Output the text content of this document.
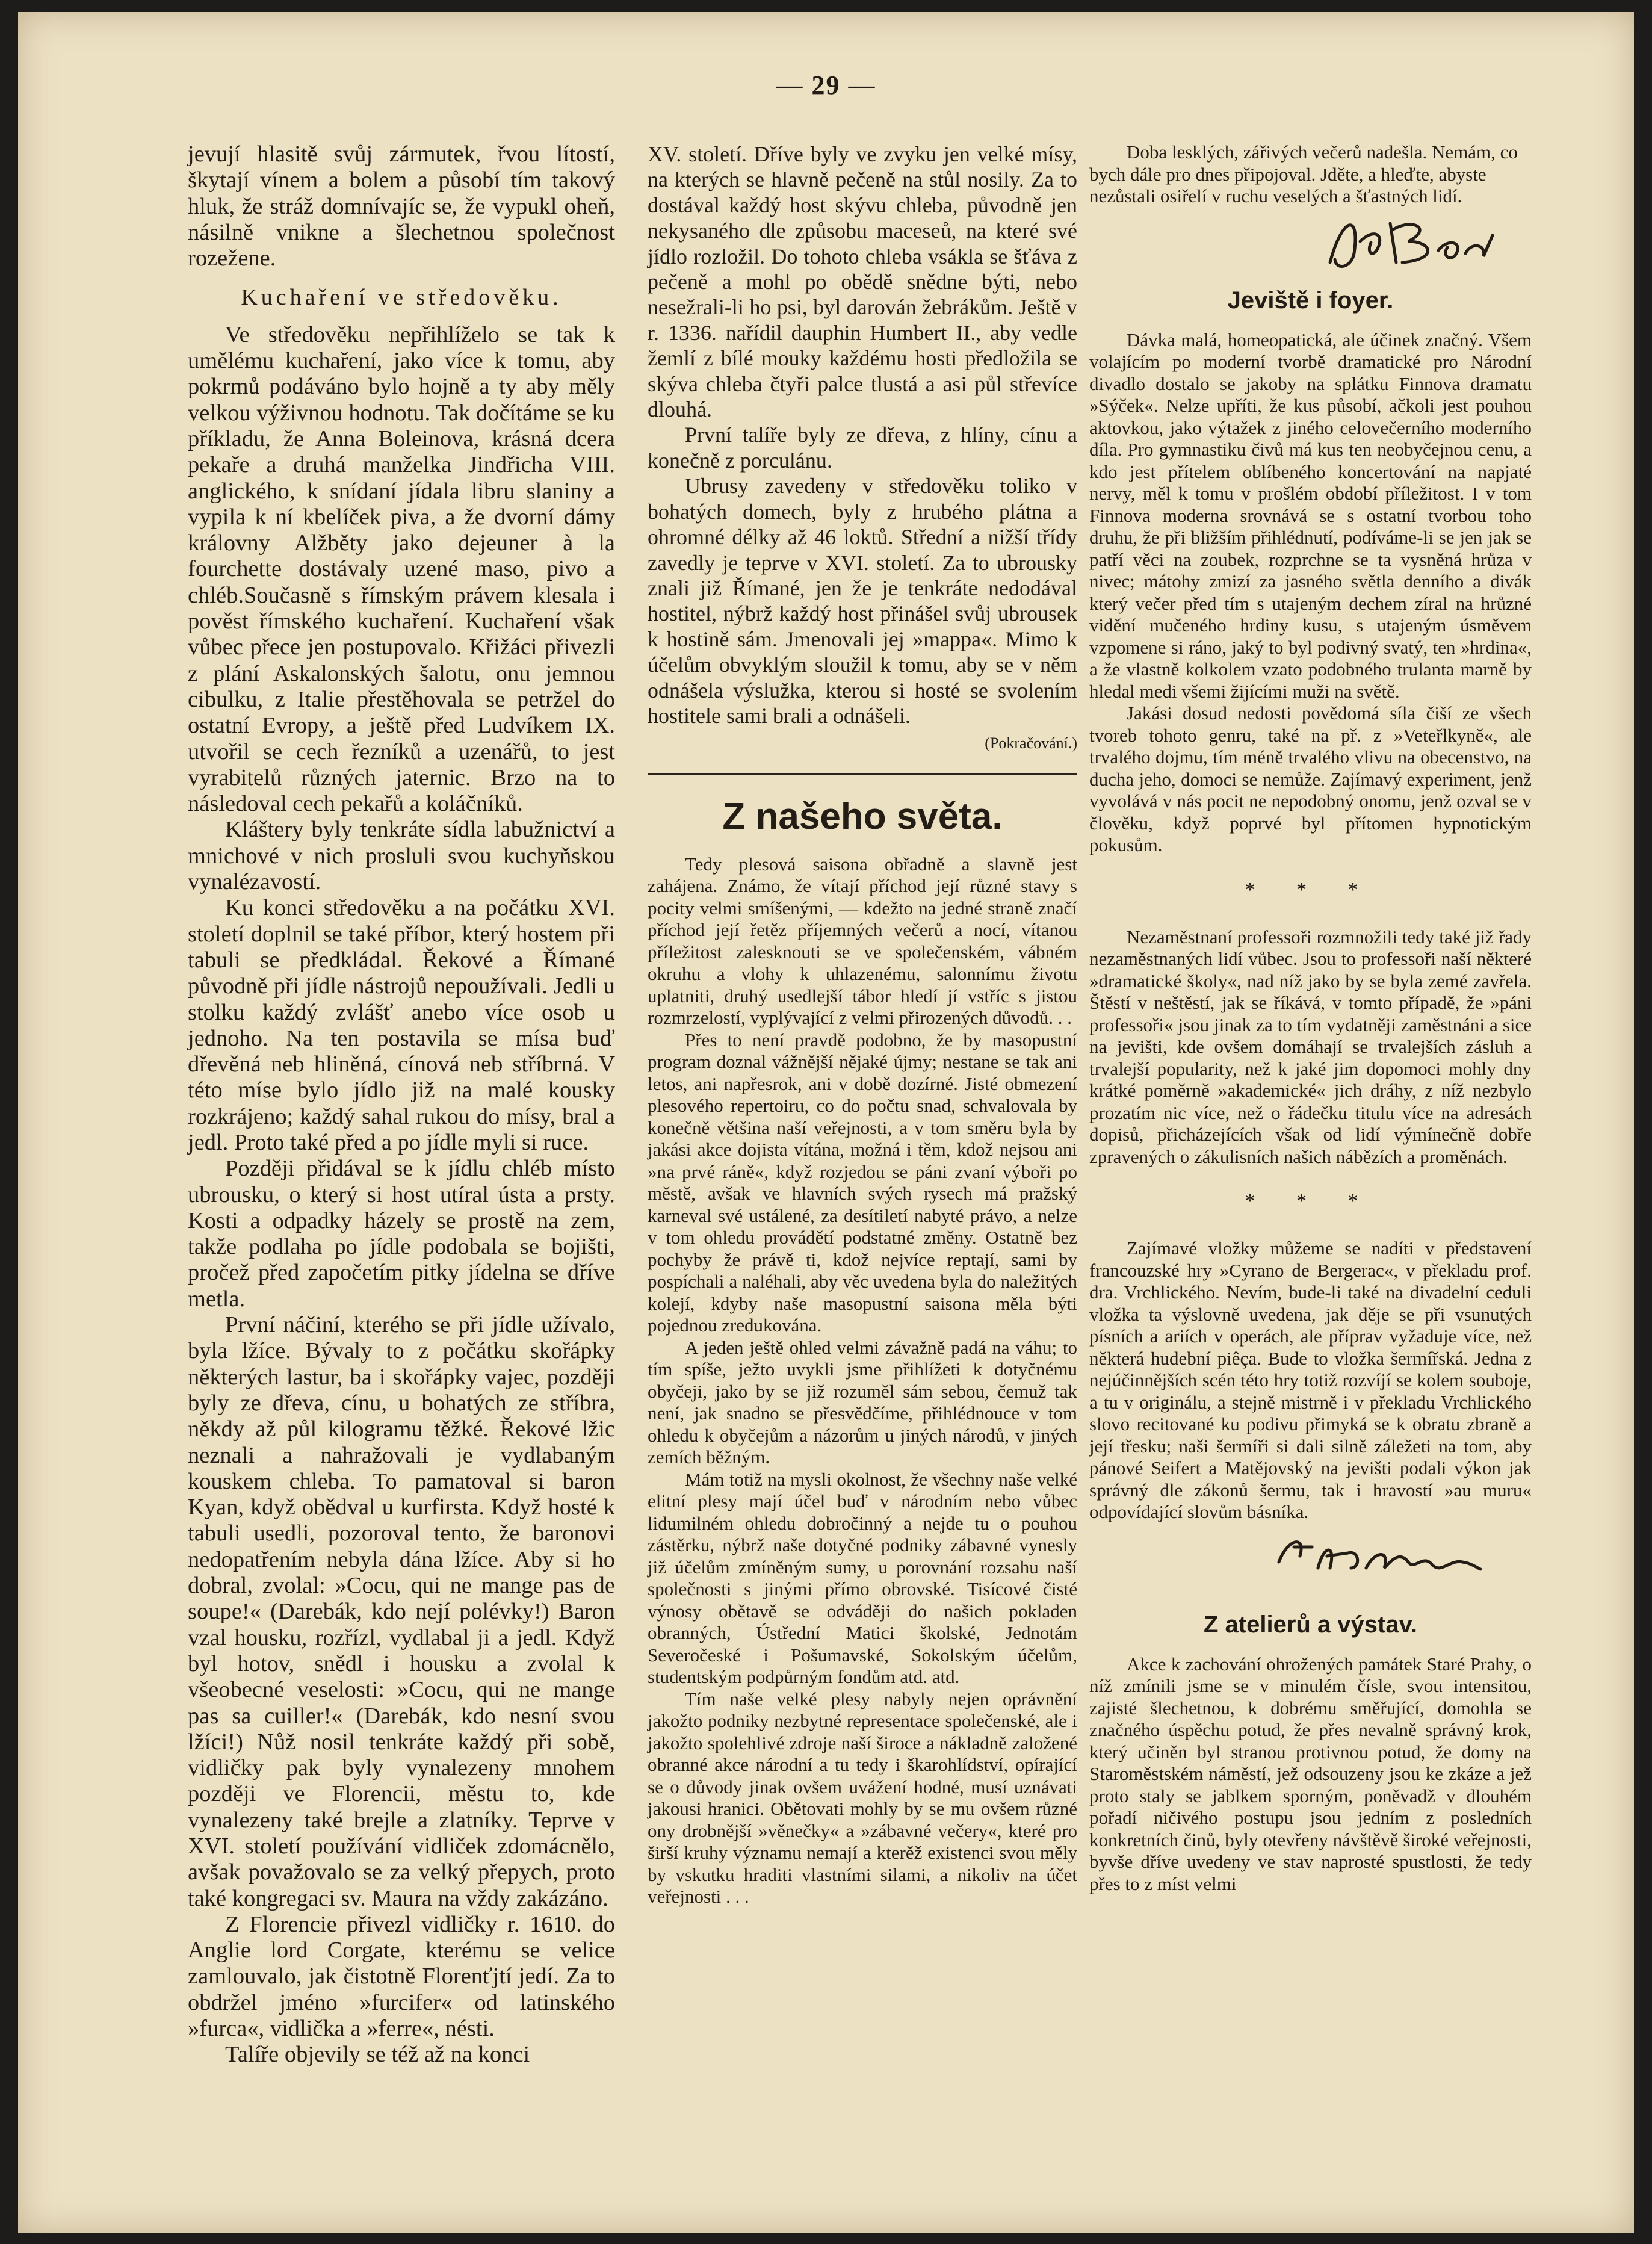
— 29 —

jevují hlasitě svůj zármutek, řvou lítostí, škytají vínem a bolem a působí tím takový hluk, že stráž domnívajíc se, že vypukl oheň, násilně vnikne a šlechetnou společnost rozežene.

Kuchaření ve středověku.

Ve středověku nepřihlíželo se tak k umělému kuchaření, jako více k tomu, aby pokrmů podáváno bylo hojně a ty aby měly velkou výživnou hodnotu. Tak dočítáme se ku příkladu, že Anna Boleinova, krásná dcera pekaře a druhá manželka Jindřicha VIII. anglického, k snídaní jídala libru slaniny a vypila k ní kbelíček piva, a že dvorní dámy královny Alžběty jako dejeuner à la fourchette dostávaly uzené maso, pivo a chléb.Současně s římským právem klesala i pověst římského kuchaření. Kuchaření však vůbec přece jen postupovalo. Křižáci přivezli z plání Askalonských šalotu, onu jemnou cibulku, z Italie přestěhovala se petržel do ostatní Evropy, a ještě před Ludvíkem IX. utvořil se cech řezníků a uzenářů, to jest vyrabitelů různých jaternic. Brzo na to následoval cech pekařů a koláčníků.

Kláštery byly tenkráte sídla labužnictví a mnichové v nich prosluli svou kuchyňskou vynalézavostí.

Ku konci středověku a na počátku XVI. století doplnil se také příbor, který hostem při tabuli se předkládal. Řekové a Římané původně při jídle nástrojů nepoužívali. Jedli u stolku každý zvlášť anebo více osob u jednoho. Na ten postavila se mísa buď dřevěná neb hliněná, cínová neb stříbrná. V této míse bylo jídlo již na malé kousky rozkrájeno; každý sahal rukou do mísy, bral a jedl. Proto také před a po jídle myli si ruce.

Později přidával se k jídlu chléb místo ubrousku, o který si host utíral ústa a prsty. Kosti a odpadky házely se prostě na zem, takže podlaha po jídle podobala se bojišti, pročež před započetím pitky jídelna se dříve metla.

První náčiní, kterého se při jídle užívalo, byla lžíce. Bývaly to z počátku skořápky některých lastur, ba i skořápky vajec, později byly ze dřeva, cínu, u bohatých ze stříbra, někdy až půl kilogramu těžké. Řekové lžic neznali a nahražovali je vydlabaným kouskem chleba. To pamatoval si baron Kyan, když obědval u kurfirsta. Když hosté k tabuli usedli, pozoroval tento, že baronovi nedopatřením nebyla dána lžíce. Aby si ho dobral, zvolal: »Cocu, qui ne mange pas de soupe!« (Darebák, kdo nejí polévky!) Baron vzal housku, rozřízl, vydlabal ji a jedl. Když byl hotov, snědl i housku a zvolal k všeobecné veselosti: »Cocu, qui ne mange pas sa cuiller!« (Darebák, kdo nesní svou lžíci!) Nůž nosil tenkráte každý při sobě, vidličky pak byly vynalezeny mnohem později ve Florencii, městu to, kde vynalezeny také brejle a zlatníky. Teprve v XVI. století používání vidliček zdomácnělo, avšak považovalo se za velký přepych, proto také kongregaci sv. Maura na vždy zakázáno.

Z Florencie přivezl vidličky r. 1610. do Anglie lord Corgate, kterému se velice zamlouvalo, jak čistotně Florenťjtí jedí. Za to obdržel jméno »furcifer« od latinského »furca«, vidlička a »ferre«, nésti.

Talíře objevily se též až na konci

XV. století. Dříve byly ve zvyku jen velké mísy, na kterých se hlavně pečeně na stůl nosily. Za to dostával každý host skývu chleba, původně jen nekysaného dle způsobu maceseů, na které své jídlo rozložil. Do tohoto chleba vsákla se šťáva z pečeně a mohl po obědě snědne býti, nebo nesežrali-li ho psi, byl darován žebrákům. Ještě v r. 1336. nařídil dauphin Humbert II., aby vedle žemlí z bílé mouky každému hosti předložila se skýva chleba čtyři palce tlustá a asi půl střevíce dlouhá.

První talíře byly ze dřeva, z hlíny, cínu a konečně z porculánu.

Ubrusy zavedeny v středověku toliko v bohatých domech, byly z hrubého plátna a ohromné délky až 46 loktů. Střední a nižší třídy zavedly je teprve v XVI. století. Za to ubrousky znali již Římané, jen že je tenkráte nedodával hostitel, nýbrž každý host přinášel svůj ubrousek k hostině sám. Jmenovali jej »mappa«. Mimo k účelům obvyklým sloužil k tomu, aby se v něm odnášela výslužka, kterou si hosté se svolením hostitele sami brali a odnášeli.

(Pokračování.)

Z našeho světa.

Tedy plesová saisona obřadně a slavně jest zahájena. Známo, že vítají příchod její různé stavy s pocity velmi smíšenými, — kdežto na jedné straně značí příchod její řetěz příjemných večerů a nocí, vítanou příležitost zalesknouti se ve společenském, vábném okruhu a vlohy k uhlazenému, salonnímu životu uplatniti, druhý usedlejší tábor hledí jí vstříc s jistou rozmrzelostí, vyplývající z velmi přirozených důvodů. . .

Přes to není pravdě podobno, že by masopustní program doznal vážnější nějaké újmy; nestane se tak ani letos, ani napřesrok, ani v době dozírné. Jisté obmezení plesového repertoiru, co do počtu snad, schvalovala by konečně většina naší veřejnosti, a v tom směru byla by jakási akce dojista vítána, možná i těm, kdož nejsou ani »na prvé ráně«, když rozjedou se páni zvaní výboři po městě, avšak ve hlavních svých rysech má pražský karneval své ustálené, za desítiletí nabyté právo, a nelze v tom ohledu provádětí podstatné změny. Ostatně bez pochyby že právě ti, kdož nejvíce reptají, sami by pospíchali a naléhali, aby věc uvedena byla do naležitých kolejí, kdyby naše masopustní saisona měla býti pojednou zredukována.

A jeden ještě ohled velmi závažně padá na váhu; to tím spíše, ježto uvykli jsme přihlížeti k dotyčnému obyčeji, jako by se již rozuměl sám sebou, čemuž tak není, jak snadno se přesvědčíme, přihlédnouce v tom ohledu k obyčejům a názorům u jiných národů, v jiných zemích běžným.

Mám totiž na mysli okolnost, že všechny naše velké elitní plesy mají účel buď v národním nebo vůbec lidumilném ohledu dobročinný a nejde tu o pouhou zástěrku, nýbrž naše dotyčné podniky zábavné vynesly již účelům zmíněným sumy, u porovnání rozsahu naší společnosti s jinými přímo obrovské. Tisícové čisté výnosy obětavě se odváději do našich pokladen obranných, Ústřední Matici školské, Jednotám Severočeské i Pošumavské, Sokolským účelům, studentským podpůrným fondům atd. atd.

Tím naše velké plesy nabyly nejen oprávnění jakožto podniky nezbytné representace společenské, ale i jakožto spolehlivé zdroje naší široce a nákladně založené obranné akce národní a tu tedy i škarohlídství, opírající se o důvody jinak ovšem uvážení hodné, musí uznávati jakousi hranici. Obětovati mohly by se mu ovšem různé ony drobnější »věnečky« a »zábavné večery«, které pro širší kruhy významu nemají a kterěž existenci svou měly by vskutku hraditi vlastními silami, a nikoliv na účet veřejnosti . . .

Doba lesklých, zářivých večerů nadešla. Nemám, co bych dále pro dnes připojoval. Jděte, a hleďte, abyste nezůstali osiřelí v ruchu veselých a šťastných lidí.

Jeviště i foyer.

Dávka malá, homeopatická, ale účinek značný. Všem volajícím po moderní tvorbě dramatické pro Národní divadlo dostalo se jakoby na splátku Finnova dramatu »Sýček«. Nelze upříti, že kus působí, ačkoli jest pouhou aktovkou, jako výtažek z jiného celovečerního moderního díla. Pro gymnastiku čivů má kus ten neobyčejnou cenu, a kdo jest přítelem oblíbeného koncertování na napjaté nervy, měl k tomu v prošlém období příležitost. I v tom Finnova moderna srovnává se s ostatní tvorbou toho druhu, že při bližším přihlédnutí, podíváme-li se jen jak se patří věci na zoubek, rozprchne se ta vysněná hrůza v nivec; mátohy zmizí za jasného světla denního a divák který večer před tím s utajeným dechem zíral na hrůzné vidění mučeného hrdiny kusu, s utajeným úsměvem vzpomene si ráno, jaký to byl podivný svatý, ten »hrdina«, a že vlastně kolkolem vzato podobného trulanta marně by hledal medi všemi žijícími muži na světě.

Jakási dosud nedosti povědomá síla čiší ze všech tvoreb tohoto genru, také na př. z »Veteřlkyně«, ale trvalého dojmu, tím méně trvalého vlivu na obecenstvo, na ducha jeho, domoci se nemůže. Zajímavý experiment, jenž vyvolává v nás pocit ne nepodobný onomu, jenž ozval se v člověku, když poprvé byl přítomen hypnotickým pokusům.

* * *

Nezaměstnaní professoři rozmnožili tedy také již řady nezaměstnaných lidí vůbec. Jsou to professoři naší některé »dramatické školy«, nad níž jako by se byla zemé zavřela. Štěstí v neštěstí, jak se říkává, v tomto případě, že »páni professoři« jsou jinak za to tím vydatněji zaměstnáni a sice na jevišti, kde ovšem domáhají se trvalejších zásluh a trvalejší popularity, než k jaké jim dopomoci mohly dny krátké poměrně »akademické« jich dráhy, z níž nezbylo prozatím nic více, než o řádečku titulu více na adresách dopisů, přicházejících však od lidí výmínečně dobře zpravených o zákulisních našich nábězích a proměnách.

* * *

Zajímavé vložky můžeme se nadíti v představení francouzské hry »Cyrano de Bergerac«, v překladu prof. dra. Vrchlického. Nevím, bude-li také na divadelní ceduli vložka ta výslovně uvedena, jak děje se při vsunutých písních a ariích v operách, ale příprav vyžaduje více, než některá hudební piêça. Bude to vložka šermířská. Jedna z nejúčinnějších scén této hry totiž rozvíjí se kolem souboje, a tu v originálu, a stejně mistrně i v překladu Vrchlického slovo recitované ku podivu přimyká se k obratu zbraně a její třesku; naši šermíři si dali silně záležeti na tom, aby pánové Seifert a Matějovský na jevišti podali výkon jak správný dle zákonů šermu, tak i hravostí »au muru« odpovídající slovům básníka.

Z atelierů a výstav.

Akce k zachování ohrožených památek Staré Prahy, o níž zmínili jsme se v minulém čísle, svou intensitou, zajisté šlechetnou, k dobrému směřující, domohla se značného úspěchu potud, že přes nevalně správný krok, který učiněn byl stranou protivnou potud, že domy na Staroměstském náměstí, jež odsouzeny jsou ke zkáze a jež proto staly se jablkem sporným, poněvadž v dlouhém pořadí ničivého postupu jsou jedním z posledních konkretních činů, byly otevřeny návštěvě široké veřejnosti, byvše dříve uvedeny ve stav naprosté spustlosti, že tedy přes to z míst velmi
